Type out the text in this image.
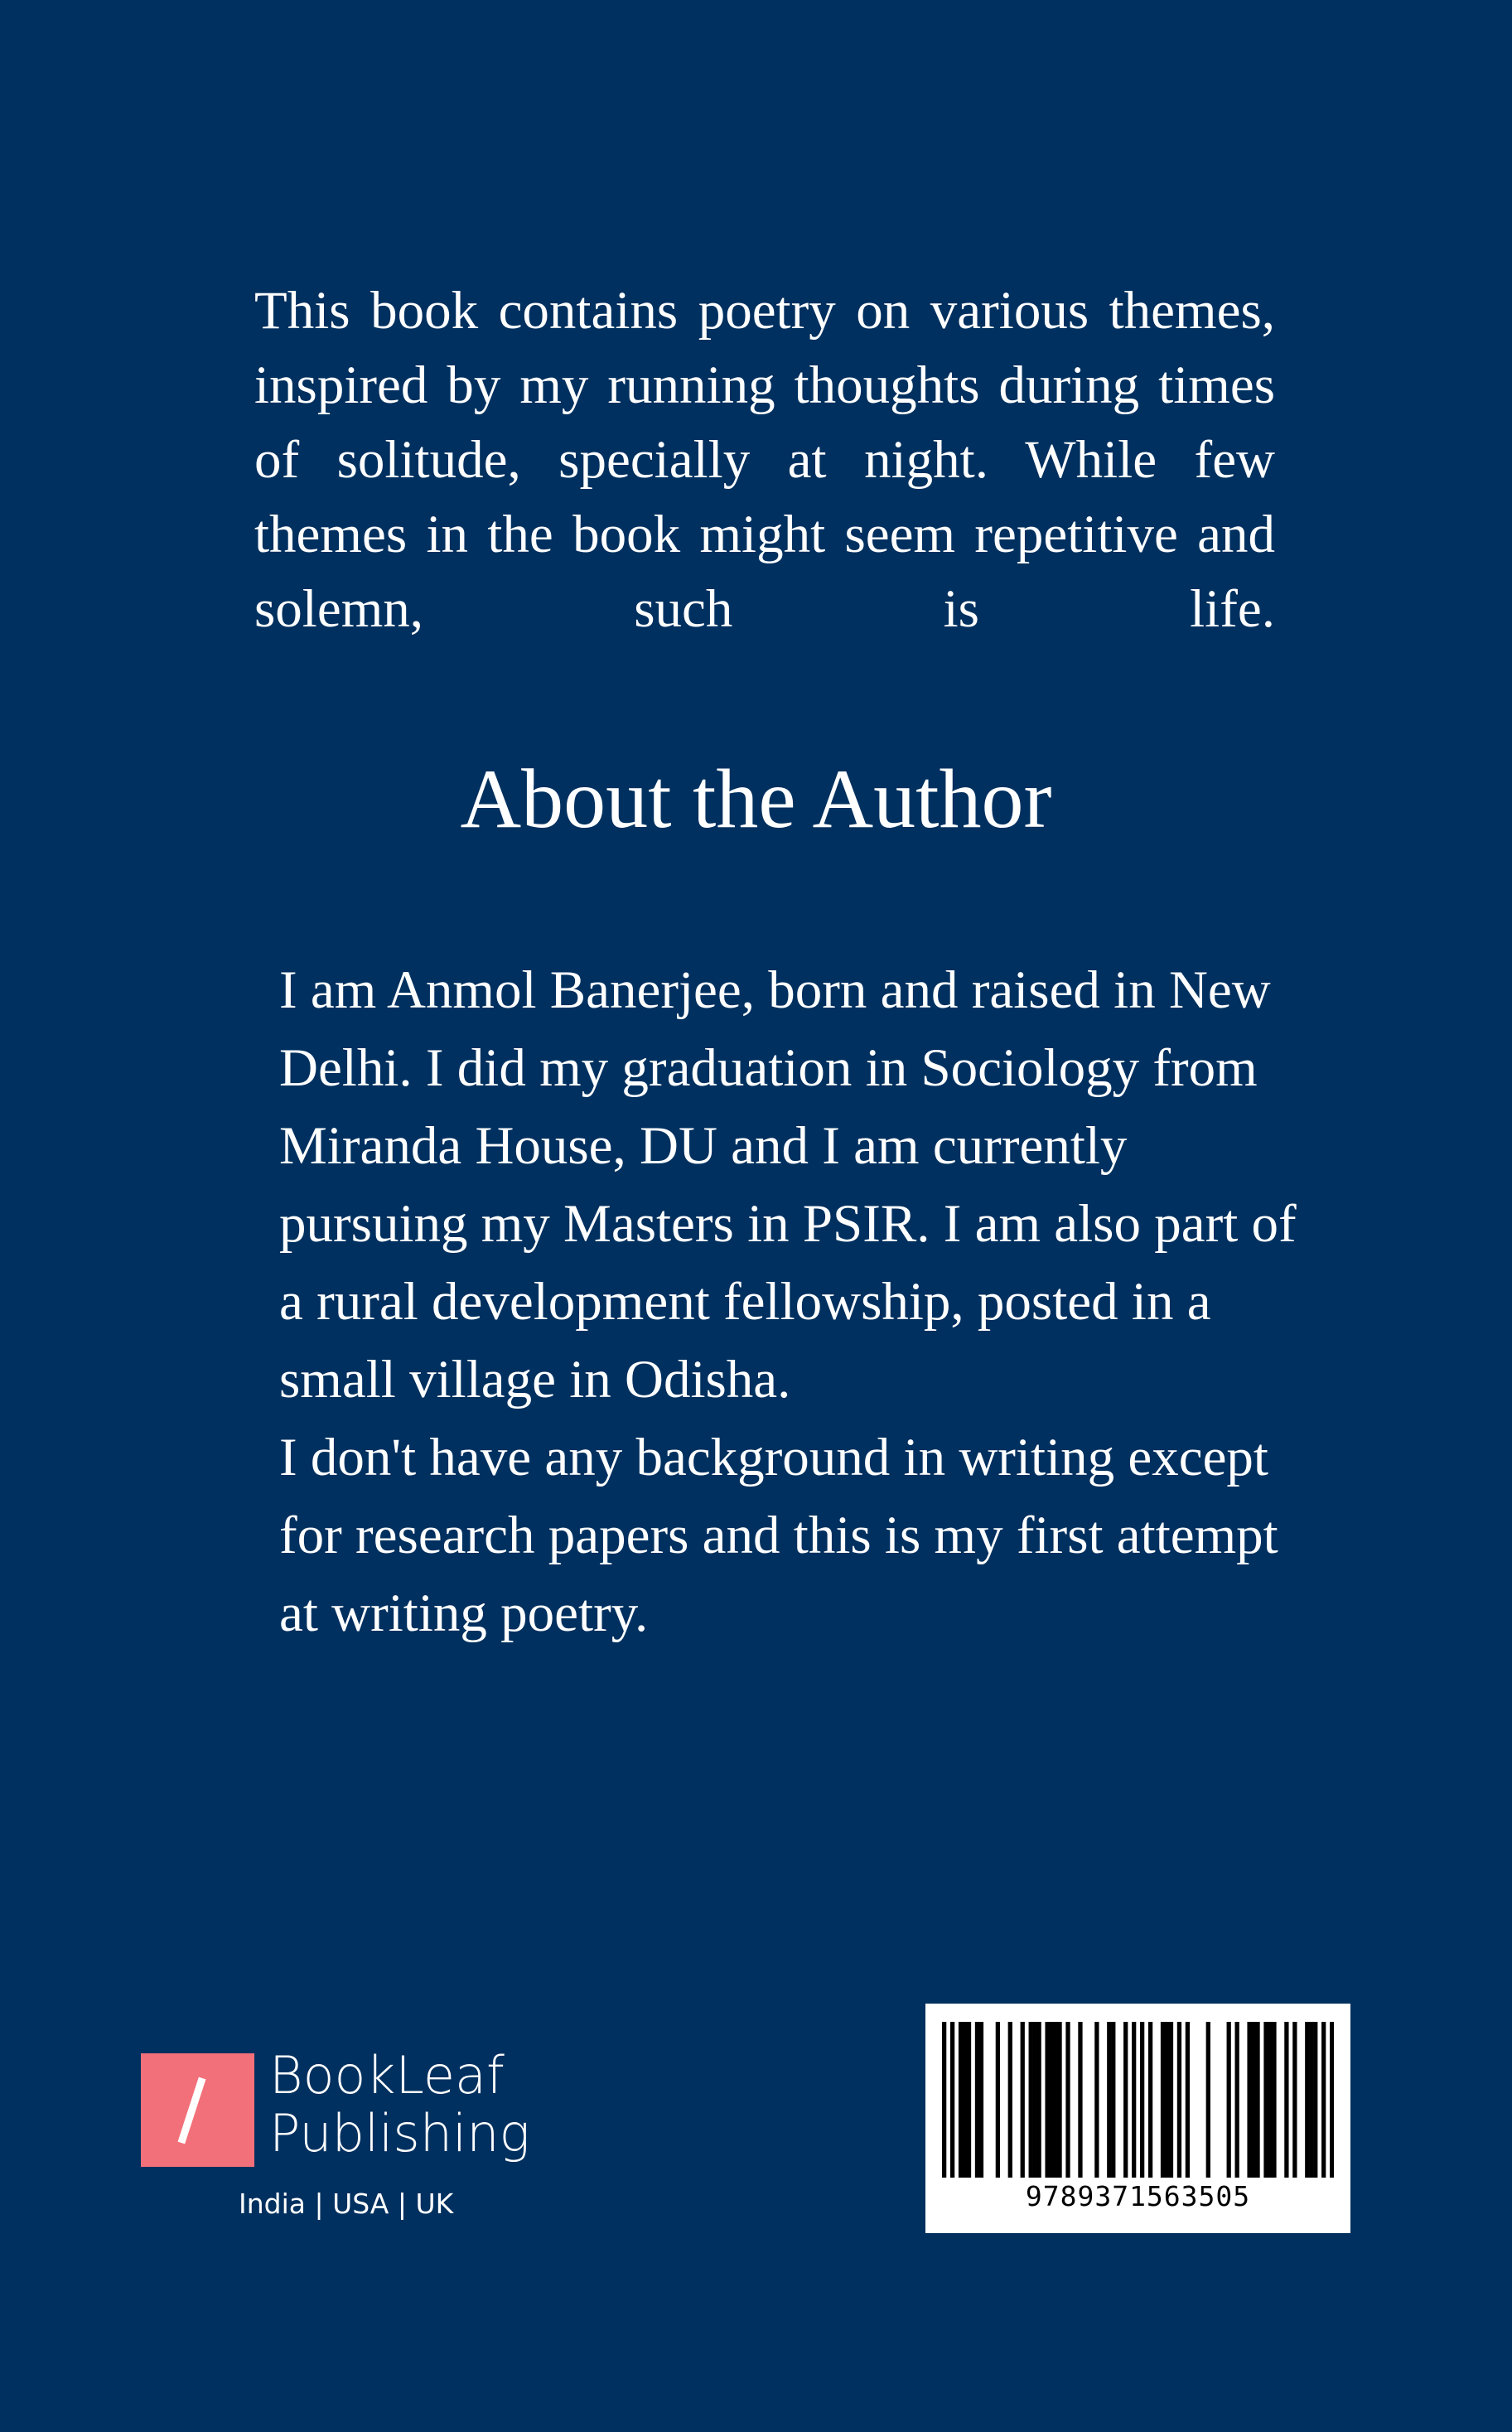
This book contains poetry on various themes, inspired by my running thoughts during times of solitude, specially at night. While few themes in the book might seem repetitive and solemn, such is life.

About the Author

I am Anmol Banerjee, born and raised in New Delhi. I did my graduation in Sociology from Miranda House, DU and I am currently pursuing my Masters in PSIR. I am also part of a rural development fellowship, posted in a small village in Odisha.

I don't have any background in writing except for research papers and this is my first attempt at writing poetry.

BookLeaf

Publishing

India | USA | UK	9789371563505
